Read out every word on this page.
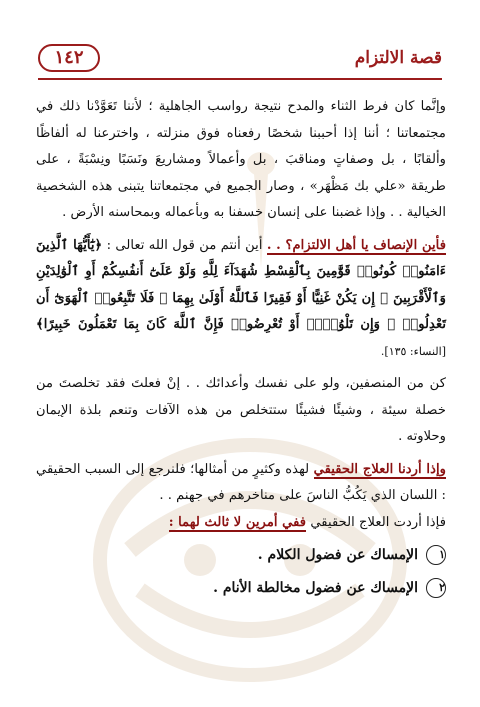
قصة الالتزام
١٤٢

وإنَّما كان فرط الثناء والمدح نتيجة رواسب الجاهلية ؛ لأننا تَعَوَّدْنا ذلك في مجتمعاتنا ؛ أننا إذا أحببنا شخصًا رفعناه فوق منزلته ، واخترعنا له ألفاظًا وألقابًا ، بل وصفاتٍ ومناقبَ ، بل وأعمالاً ومشاريعَ ونَسَبًا ونِسْبَةً ، على طريقة «علي بك مَظْهَر» ، وصار الجميع في مجتمعاتنا يتبنى هذه الشخصية الخيالية . . وإذا غضبنا على إنسان خسفنا به وبأعماله وبمحاسنه الأرض .

فأين الإنصاف يا أهل الالتزام؟ . . أين أنتم من قول الله تعالى : ﴿يَٰٓأَيُّهَا ٱلَّذِينَ ءَامَنُوا۟ كُونُوا۟ قَوَّٰمِينَ بِٱلْقِسْطِ شُهَدَآءَ لِلَّهِ وَلَوْ عَلَىٰٓ أَنفُسِكُمْ أَوِ ٱلْوَٰلِدَيْنِ وَٱلْأَقْرَبِينَ ۚ إِن يَكُنْ غَنِيًّا أَوْ فَقِيرًا فَٱللَّهُ أَوْلَىٰ بِهِمَا ۖ فَلَا تَتَّبِعُوا۟ ٱلْهَوَىٰٓ أَن تَعْدِلُوا۟ ۚ وَإِن تَلْوُۥٓا۟ أَوْ تُعْرِضُوا۟ فَإِنَّ ٱللَّهَ كَانَ بِمَا تَعْمَلُونَ خَبِيرًا﴾ [النساء: ١٣٥].

كن من المنصفين، ولو على نفسك وأعدائك . . إنْ فعلتَ فقد تخلصتَ من خصلة سيئة ، وشيئًا فشيئًا ستتخلص من هذه الآفات وتنعم بلذة الإيمان وحلاوته .

وإذا أردنا العلاج الحقيقي لهذه وكثيرٍ من أمثالها؛ فلنرجع إلى السبب الحقيقي : اللسان الذي يَكُبُّ الناسَ على مناخرهم في جهنم . .

فإذا أردت العلاج الحقيقي ففي أمرين لا ثالث لهما :

١
الإمساك عن فضول الكلام .
٢
الإمساك عن فضول مخالطة الأنام .
